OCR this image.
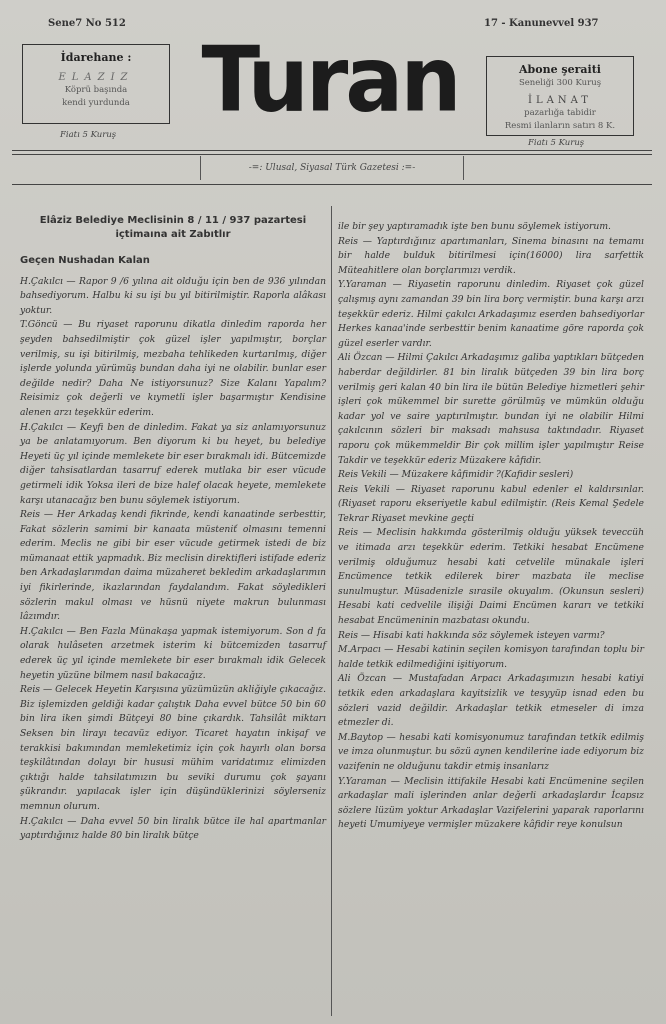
Sene7 No 512	17 - Kanunevvel 937
İdarehane :
ELAZIZ
Köprü başında
kendi yurdunda
Fiatı 5 Kuruş
Turan	Abone şeraiti
Seneliği 300 Kuruş
İLANAT
pazarlığa tabidir
Resmi ilanların satırı 8 K.
Fiatı 5 Kuruş
-=: Ulusal, Siyasal Türk Gazetesi :=-
Elâziz Belediye Meclisinin 8 / 11 / 937 pazartesi içtimaına ait Zabıtlır
Geçen Nushadan Kalan

H.Çakılcı — Rapor 9 /6 yılına ait olduğu için ben de 936 yılından bahsediyorum. Halbu ki su işi bu yıl bitirilmiştir. Raporla alâkası yoktur.

T.Göncü — Bu riyaset raporunu dikatla dinledim raporda her şeyden bahsedilmiştir çok güzel işler yapılmıştır, borçlar verilmiş, su işi bitirilmiş, mezbaha tehlikeden kurtarılmış, diğer işlerde yolunda yürümüş bundan daha iyi ne olabilir. bunlar eser değilde nedir? Daha Ne istiyorsunuz? Size Kalanı Yapalım? Reisimiz çok değerli ve kıymetli işler başarmıştır Kendisine alenen arzı teşekkür ederim.

H.Çakılcı — Keyfi ben de dinledim. Fakat ya siz anlamıyorsunuz ya be anlatamıyorum. Ben diyorum ki bu heyet, bu belediye Heyeti üç yıl içinde memlekete bir eser bırakmalı idi. Bütcemizde diğer tahsisatlardan tasarruf ederek mutlaka bir eser vücude getirmeli idik Yoksa ileri de bize halef olacak heyete, memlekete karşı utanacağız ben bunu söylemek istiyorum.

Reis — Her Arkadaş kendi fikrinde, kendi kanaatinde serbesttir, Fakat sözlerin samimi bir kanaata müsteniť olmasını temenni ederim. Meclis ne gibi bir eser vücude getirmek istedi de biz mümanaat ettik yapmadık. Biz meclisin direktifleri istifade ederiz ben Arkadaşlarımdan daima müzaheret bekledim arkadaşlarımın iyi fikirlerinde, ikazlarından faydalandım. Fakat söyledikleri sözlerin makul olması ve hüsnü niyete makrun bulunması lâzımdır.

H.Çakılcı — Ben Fazla Münakaşa yapmak istemiyorum. Son d fa olarak hulâseten arzetmek isterim ki bütcemizden tasarruf ederek üç yıl içinde memlekete bir eser bırakmalı idik Gelecek heyetin yüzüne bilmem nasıl bakacağız.

Reis — Gelecek Heyetin Karşısına yüzümüzün akliğiyle çıkacağız. Biz işlemizden geldiği kadar çalıştık Daha evvel bütce 50 bin 60 bin lira iken şimdi Bütçeyi 80 bine çıkardık. Tahsilât miktarı Seksen bin lirayı tecavüz ediyor. Ticaret hayatın inkişaf ve terakkisi bakımından memleketimiz için çok hayırlı olan borsa teşkilâtından dolayı bir hususi mühim varidatımız elimizden çıktığı halde tahsilatımızın bu seviki durumu çok şayanı şükrandır. yapılacak işler için düşündüklerinizi söylerseniz memnun olurum.

H.Çakılcı — Daha evvel 50 bin liralık bütce ile hal apartmanlar yaptırdığınız halde 80 bin liralık bütçe

ile bir şey yaptıramadık işte ben bunu söylemek istiyorum.

Reis — Yaptırdığınız apartımanları, Sinema binasını na temamı bir halde bulduk bitirilmesi için(16000) lira sarfettik Müteahitlere olan borçlarımızı verdik.

Y.Yaraman — Riyasetin raporunu dinledim. Riyaset çok güzel çalışmış aynı zamandan 39 bin lira borç vermiştir. buna karşı arzı teşekkür ederiz. Hilmi çakılcı Arkadaşımız eserden bahsediyorlar Herkes kanaa'inde serbesttir benim kanaatime göre raporda çok güzel eserler vardır.

Ali Özcan — Hilmi Çakılcı Arkadaşımız galiba yaptıkları bütçeden haberdar değildirler. 81 bin liralık bütçeden 39 bin lira borç verilmiş geri kalan 40 bin lira ile bütün Belediye hizmetleri şehir işleri çok mükemmel bir surette görülmüş ve mümkün olduğu kadar yol ve saire yaptırılmıştır. bundan iyi ne olabilir Hilmi çakılcının sözleri bir maksadı mahsusa taktındadır. Riyaset raporu çok mükemmeldir Bir çok millim işler yapılmıştır Reise Takdir ve teşekkür ederiz Müzakere kâfidir.

Reis Vekili — Müzakere kâfimidir ?(Kafidir sesleri)

Reis Vekili — Riyaset raporunu kabul edenler el kaldırsınlar. (Riyaset raporu ekseriyetle kabul edilmiştir. (Reis Kemal Şedele Tekrar Riyaset mevkine geçti

Reis — Meclisin hakkımda gösterilmiş olduğu yüksek teveccüh ve itimada arzı teşekkür ederim. Tetkiki hesabat Encümene verilmiş olduğumuz hesabi kati cetvelile münakale işleri Encümence tetkik edilerek birer mazbata ile meclise sunulmuştur. Müsadenizle sırasile okuyalım. (Okunsun sesleri) Hesabi kati cedvelile ilişiği Daimi Encümen kararı ve tetkiki hesabat Encümeninin mazbatası okundu.

Reis — Hisabi kati hakkında söz söylemek isteyen varmı?

M.Arpacı — Hesabi katinin seçilen komisyon tarafından toplu bir halde tetkik edilmediğini işitiyorum.

Ali Özcan — Mustafadan Arpacı Arkadaşımızın hesabi katiyi tetkik eden arkadaşlara kayitsizlik ve tesyyüp isnad eden bu sözleri vazid değildir. Arkadaşlar tetkik etmeseler di imza etmezler di.

M.Baytop — hesabi kati komisyonumuz tarafından tetkik edilmiş ve imza olunmuştur. bu sözü aynen kendilerine iade ediyorum biz vazifenin ne olduğunu takdir etmiş insanlarız

Y.Yaraman — Meclisin ittifakile Hesabi kati Encümenine seçilen arkadaşlar mali işlerinden anlar değerli arkadaşlardır İcapsız sözlere lüzüm yoktur Arkadaşlar Vazifelerini yaparak raporlarını heyeti Umumiyeye vermişler müzakere kâfidir reye konulsun
